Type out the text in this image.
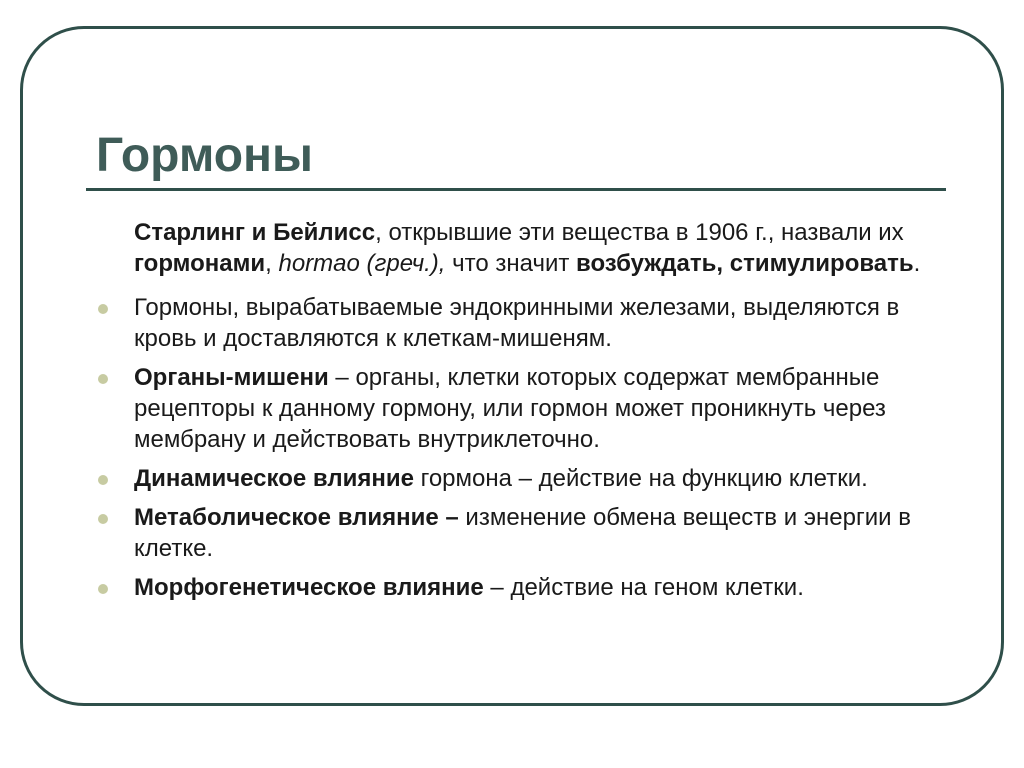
Гормоны

Старлинг и Бейлисс, открывшие эти вещества в 1906 г., назвали их гормонами, hormao (греч.), что значит возбуждать, стимулировать.

Гормоны, вырабатываемые эндокринными железами, выделяются в кровь и доставляются к клеткам-мишеням.

Органы-мишени – органы, клетки которых содержат мембранные рецепторы к данному гормону, или гормон может проникнуть через мембрану и действовать внутриклеточно.

Динамическое влияние гормона – действие на функцию клетки.

Метаболическое влияние – изменение обмена веществ и энергии в клетке.

Морфогенетическое влияние – действие на геном клетки.
